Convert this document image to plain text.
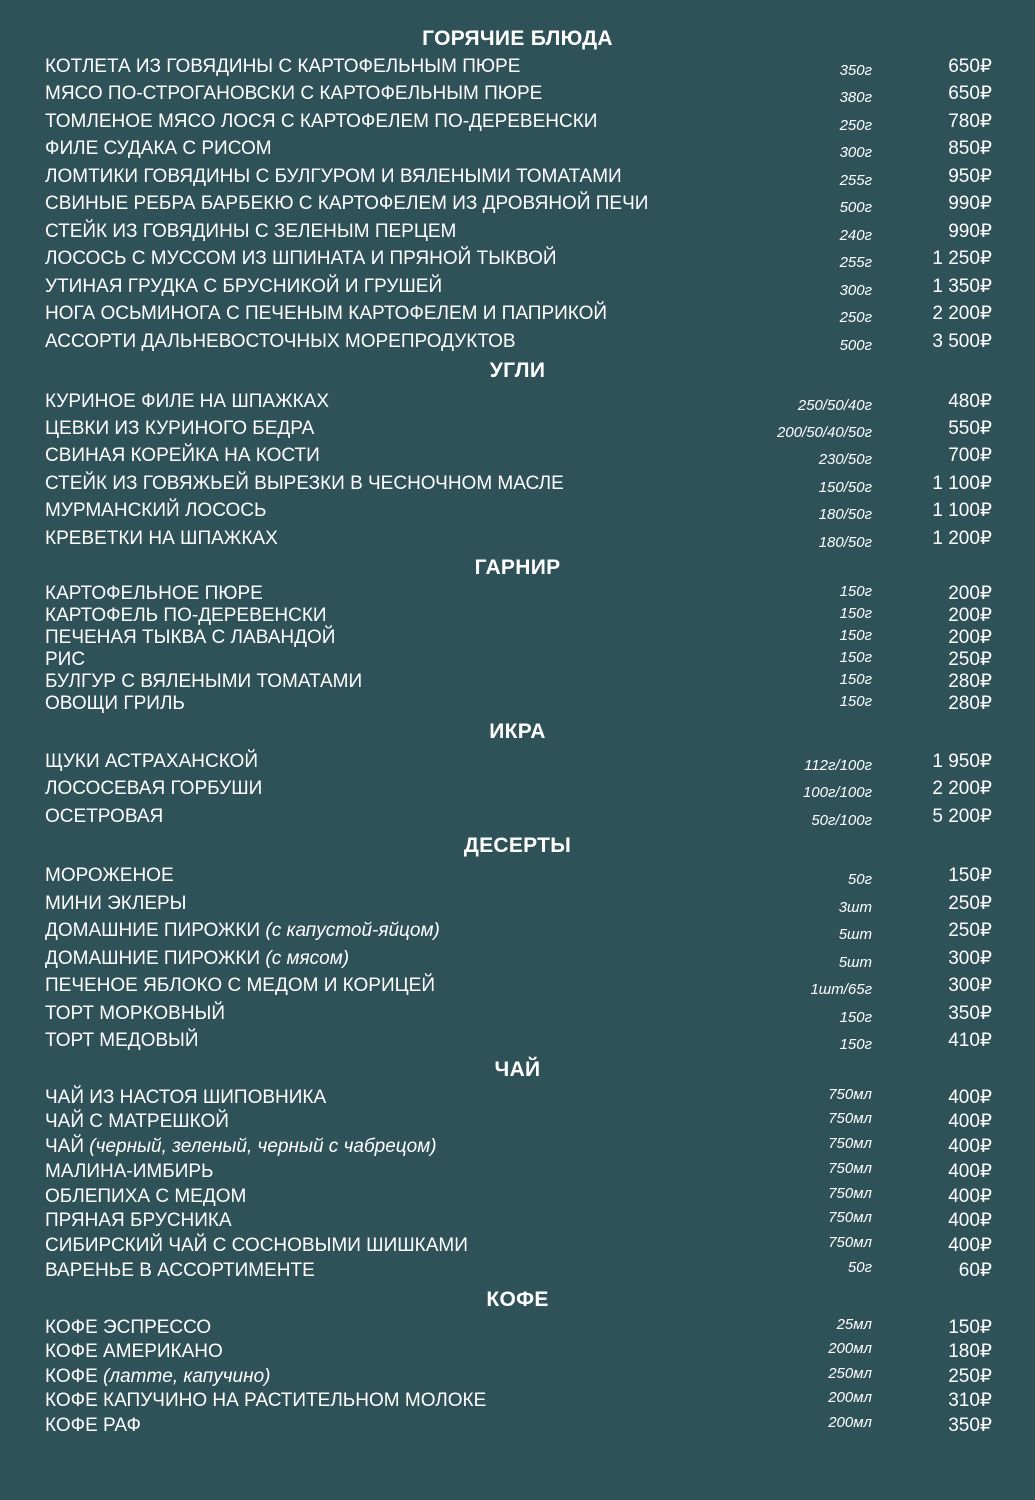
ГОРЯЧИЕ БЛЮДА
КОТЛЕТА ИЗ ГОВЯДИНЫ С КАРТОФЕЛЬНЫМ ПЮРЕ	350г	650₽
МЯСО ПО-СТРОГАНОВСКИ С КАРТОФЕЛЬНЫМ ПЮРЕ	380г	650₽
ТОМЛЕНОЕ МЯСО ЛОСЯ С КАРТОФЕЛЕМ ПО-ДЕРЕВЕНСКИ	250г	780₽
ФИЛЕ СУДАКА С РИСОМ	300г	850₽
ЛОМТИКИ ГОВЯДИНЫ С БУЛГУРОМ И ВЯЛЕНЫМИ ТОМАТАМИ	255г	950₽
СВИНЫЕ РЕБРА БАРБЕКЮ С КАРТОФЕЛЕМ ИЗ ДРОВЯНОЙ ПЕЧИ	500г	990₽
СТЕЙК ИЗ ГОВЯДИНЫ С ЗЕЛЕНЫМ ПЕРЦЕМ	240г	990₽
ЛОСОСЬ С МУССОМ ИЗ ШПИНАТА И ПРЯНОЙ ТЫКВОЙ	255г	1 250₽
УТИНАЯ ГРУДКА С БРУСНИКОЙ И ГРУШЕЙ	300г	1 350₽
НОГА ОСЬМИНОГА С ПЕЧЕНЫМ КАРТОФЕЛЕМ И ПАПРИКОЙ	250г	2 200₽
АССОРТИ ДАЛЬНЕВОСТОЧНЫХ МОРЕПРОДУКТОВ	500г	3 500₽
УГЛИ
КУРИНОЕ ФИЛЕ НА ШПАЖКАХ	250/50/40г	480₽
ЦЕВКИ ИЗ КУРИНОГО БЕДРА	200/50/40/50г	550₽
СВИНАЯ КОРЕЙКА НА КОСТИ	230/50г	700₽
СТЕЙК ИЗ ГОВЯЖЬЕЙ ВЫРЕЗКИ В ЧЕСНОЧНОМ МАСЛЕ	150/50г	1 100₽
МУРМАНСКИЙ ЛОСОСЬ	180/50г	1 100₽
КРЕВЕТКИ НА ШПАЖКАХ	180/50г	1 200₽
ГАРНИР
КАРТОФЕЛЬНОЕ ПЮРЕ	150г	200₽
КАРТОФЕЛЬ ПО-ДЕРЕВЕНСКИ	150г	200₽
ПЕЧЕНАЯ ТЫКВА С ЛАВАНДОЙ	150г	200₽
РИС	150г	250₽
БУЛГУР С ВЯЛЕНЫМИ ТОМАТАМИ	150г	280₽
ОВОЩИ ГРИЛЬ	150г	280₽
ИКРА
ЩУКИ АСТРАХАНСКОЙ	112г/100г	1 950₽
ЛОСОСЕВАЯ ГОРБУШИ	100г/100г	2 200₽
ОСЕТРОВАЯ	50г/100г	5 200₽
ДЕСЕРТЫ
МОРОЖЕНОЕ	50г	150₽
МИНИ ЭКЛЕРЫ	3шт	250₽
ДОМАШНИЕ ПИРОЖКИ (с капустой-яйцом)	5шт	250₽
ДОМАШНИЕ ПИРОЖКИ (с мясом)	5шт	300₽
ПЕЧЕНОЕ ЯБЛОКО С МЕДОМ И КОРИЦЕЙ	1шт/65г	300₽
ТОРТ МОРКОВНЫЙ	150г	350₽
ТОРТ МЕДОВЫЙ	150г	410₽
ЧАЙ
ЧАЙ ИЗ НАСТОЯ ШИПОВНИКА	750мл	400₽
ЧАЙ С МАТРЕШКОЙ	750мл	400₽
ЧАЙ (черный, зеленый, черный с чабрецом)	750мл	400₽
МАЛИНА-ИМБИРЬ	750мл	400₽
ОБЛЕПИХА С МЕДОМ	750мл	400₽
ПРЯНАЯ БРУСНИКА	750мл	400₽
СИБИРСКИЙ ЧАЙ С СОСНОВЫМИ ШИШКАМИ	750мл	400₽
ВАРЕНЬЕ В АССОРТИМЕНТЕ	50г	60₽
КОФЕ
КОФЕ ЭСПРЕССО	25мл	150₽
КОФЕ АМЕРИКАНО	200мл	180₽
КОФЕ (латте, капучино)	250мл	250₽
КОФЕ КАПУЧИНО НА РАСТИТЕЛЬНОМ МОЛОКЕ	200мл	310₽
КОФЕ РАФ	200мл	350₽
